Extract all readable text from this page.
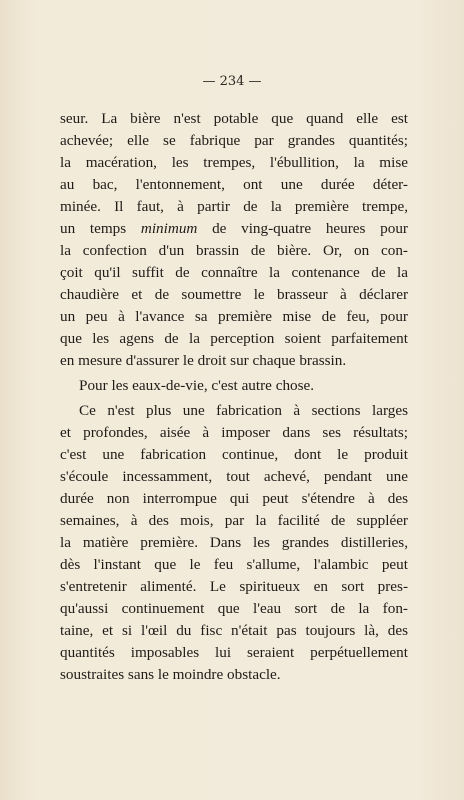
— 234 —
seur. La bière n'est potable que quand elle est
achevée; elle se fabrique par grandes quantités;
la macération, les trempes, l'ébullition, la mise
au bac, l'entonnement, ont une durée déter-
minée. Il faut, à partir de la première trempe,
un temps minimum de ving-quatre heures pour
la confection d'un brassin de bière. Or, on con-
çoit qu'il suffit de connaître la contenance de la
chaudière et de soumettre le brasseur à déclarer
un peu à l'avance sa première mise de feu, pour
que les agens de la perception soient parfaitement
en mesure d'assurer le droit sur chaque brassin.
Pour les eaux-de-vie, c'est autre chose.
Ce n'est plus une fabrication à sections larges
et profondes, aisée à imposer dans ses résultats;
c'est une fabrication continue, dont le produit
s'écoule incessamment, tout achevé, pendant une
durée non interrompue qui peut s'étendre à des
semaines, à des mois, par la facilité de suppléer
la matière première. Dans les grandes distilleries,
dès l'instant que le feu s'allume, l'alambic peut
s'entretenir alimenté. Le spiritueux en sort pres-
qu'aussi continuement que l'eau sort de la fon-
taine, et si l'œil du fisc n'était pas toujours là, des
quantités imposables lui seraient perpétuellement
soustraites sans le moindre obstacle.
